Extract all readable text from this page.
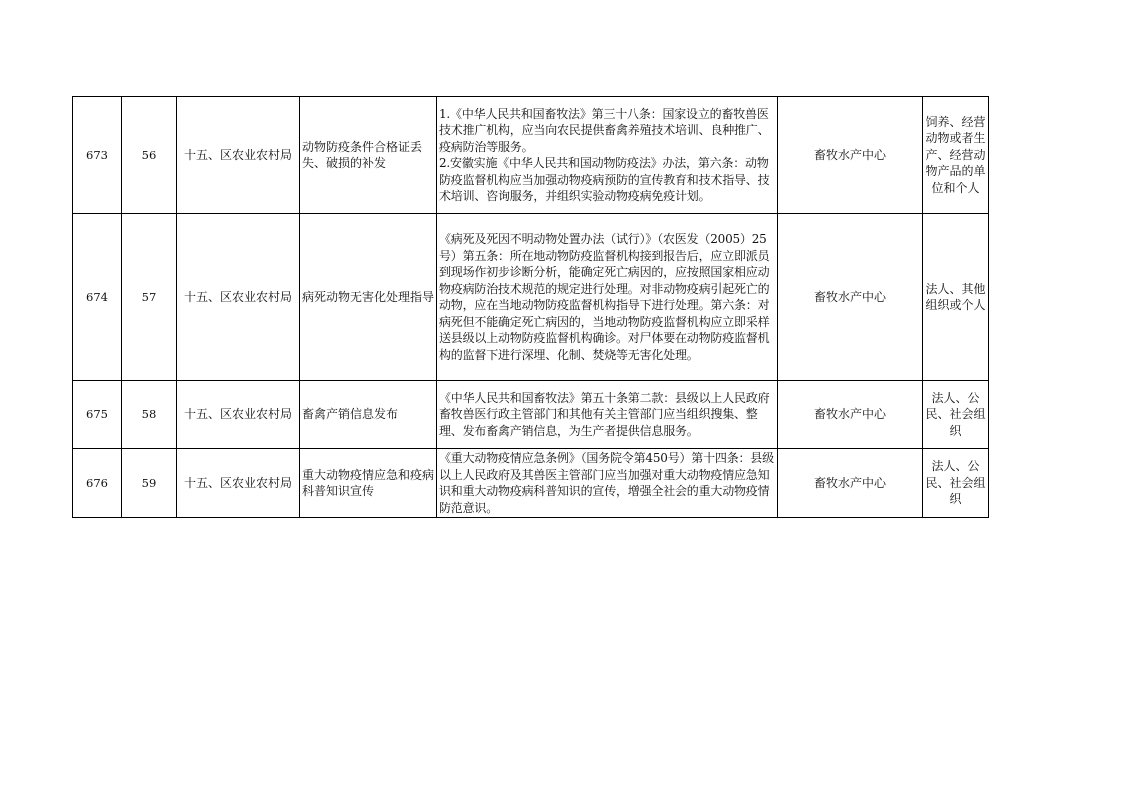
673	56	十五、区农业农村局	动物防疫条件合格证丢失、破损的补发	1.《中华人民共和国畜牧法》第三十八条：国家设立的畜牧兽医技术推广机构，应当向农民提供畜禽养殖技术培训、良种推广、疫病防治等服务。
2.安徽实施《中华人民共和国动物防疫法》办法，第六条：动物防疫监督机构应当加强动物疫病预防的宣传教育和技术指导、技术培训、咨询服务，并组织实验动物疫病免疫计划。	畜牧水产中心	饲养、经营动物或者生产、经营动物产品的单位和个人
674	57	十五、区农业农村局	病死动物无害化处理指导	《病死及死因不明动物处置办法（试行）》（农医发（2005）25号）第五条：所在地动物防疫监督机构接到报告后，应立即派员到现场作初步诊断分析，能确定死亡病因的，应按照国家相应动物疫病防治技术规范的规定进行处理。对非动物疫病引起死亡的动物，应在当地动物防疫监督机构指导下进行处理。第六条：对病死但不能确定死亡病因的，当地动物防疫监督机构应立即采样送县级以上动物防疫监督机构确诊。对尸体要在动物防疫监督机构的监督下进行深埋、化制、焚烧等无害化处理。	畜牧水产中心	法人、其他组织或个人
675	58	十五、区农业农村局	畜禽产销信息发布	《中华人民共和国畜牧法》第五十条第二款：县级以上人民政府畜牧兽医行政主管部门和其他有关主管部门应当组织搜集、整理、发布畜禽产销信息，为生产者提供信息服务。	畜牧水产中心	法人、公民、社会组织
676	59	十五、区农业农村局	重大动物疫情应急和疫病科普知识宣传	《重大动物疫情应急条例》（国务院令第450号）第十四条：县级以上人民政府及其兽医主管部门应当加强对重大动物疫情应急知识和重大动物疫病科普知识的宣传，增强全社会的重大动物疫情防范意识。	畜牧水产中心	法人、公民、社会组织
